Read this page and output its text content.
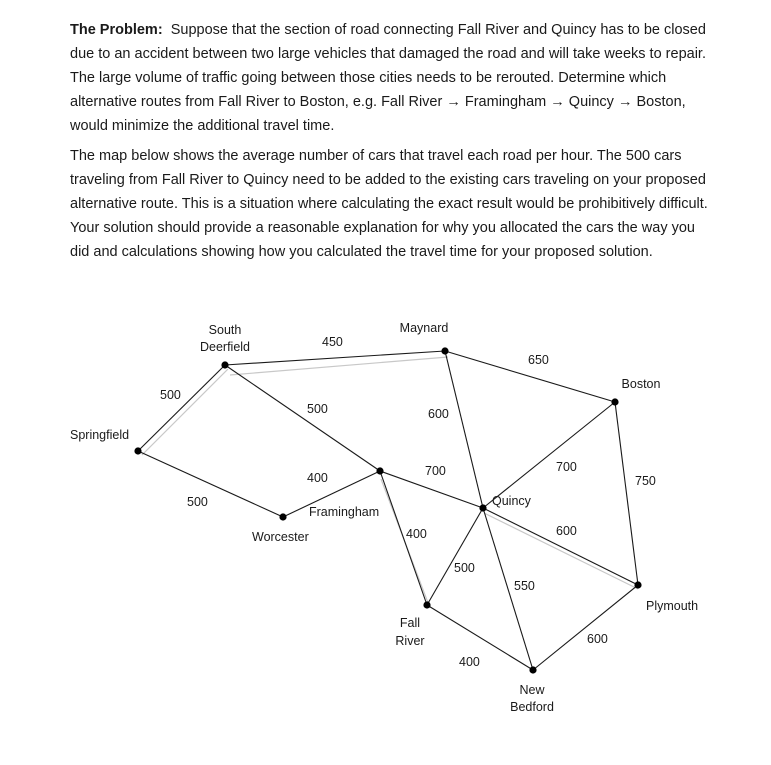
The Problem: Suppose that the section of road connecting Fall River and Quincy has to be closed due to an accident between two large vehicles that damaged the road and will take weeks to repair. The large volume of traffic going between those cities needs to be rerouted. Determine which alternative routes from Fall River to Boston, e.g. Fall River → Framingham → Quincy → Boston, would minimize the additional travel time.

The map below shows the average number of cars that travel each road per hour. The 500 cars traveling from Fall River to Quincy need to be added to the existing cars traveling on your proposed alternative route. This is a situation where calculating the exact result would be prohibitively difficult. Your solution should provide a reasonable explanation for why you allocated the cars the way you did and calculations showing how you calculated the travel time for your proposed solution.

South
Deerfield
Maynard
Boston
Springfield
Framingham
Worcester
Quincy
Fall
River
Plymouth
New
Bedford
500
450
650
500	600
500
400	700	700
750
400
500
600
550
400
600
